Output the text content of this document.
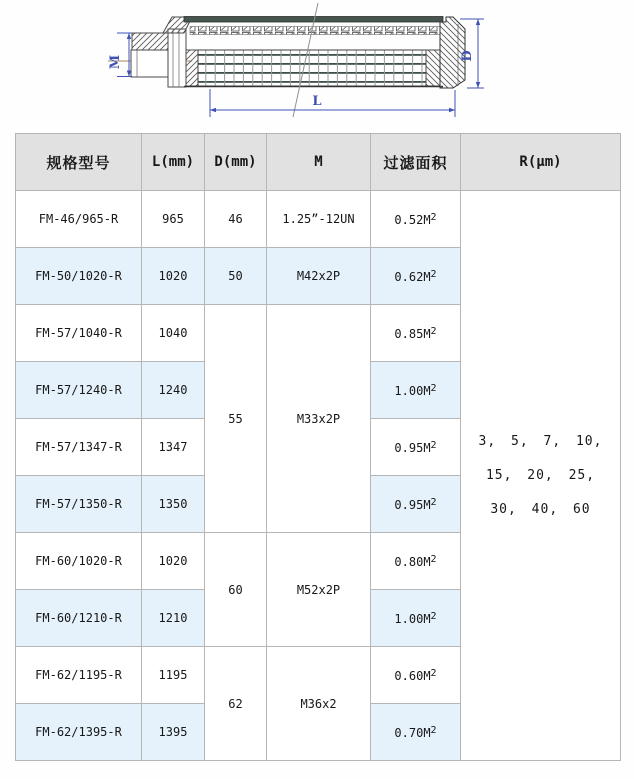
M	D
L
规格型号	L(mm)	D(mm)	M	过滤面积	R(μm)
FM-46/965-R	965	46	1.25”-12UN	$0.52M^2$	3, 5, 7, 10,
15, 20, 25,
30, 40, 60

FM-50/1020-R	1020	50	M42x2P	$0.62M^2$
FM-57/1040-R	1040	55	M33x2P	$0.85M^2$
FM-57/1240-R	1240			$1.00M^2$
FM-57/1347-R	1347			$0.95M^2$
FM-57/1350-R	1350			$0.95M^2$
FM-60/1020-R	1020	60	M52x2P	$0.80M^2$
FM-60/1210-R	1210			$1.00M^2$
FM-62/1195-R	1195	62	M36x2	$0.60M^2$
FM-62/1395-R	1395			$0.70M^2$
